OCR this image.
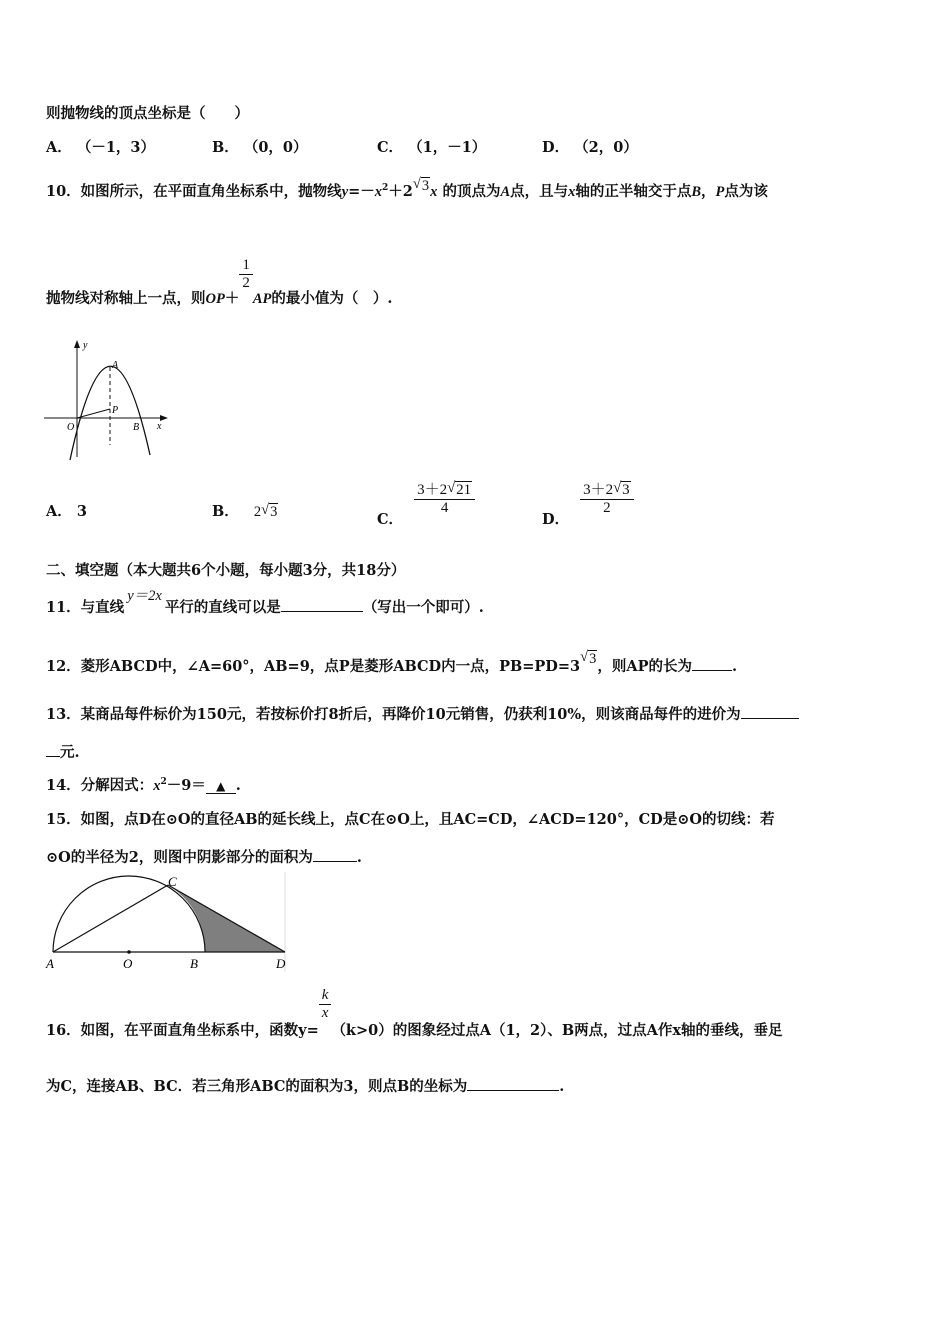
则抛物线的顶点坐标是（　　）
A． （－1，3）	B． （0，0）	C． （1，－1）	D． （2，0）
10．如图所示，在平面直角坐标系中，抛物线$y=-x^2+2$ √ 3x 的顶点为A点，且与x轴的正半轴交于点B，P点为该
抛物线对称轴上一点，则OP＋
$\frac{1}{2}$
AP的最小值为（　）.
y
A
P
O	B x
A． 3	B． 2 √ 3	C．
$\frac{3+2 √ 21}{4}$
D．
$\frac{3+2 √ 3}{2}$
二、填空题（本大题共6个小题，每小题3分，共18分）
11．与直线y＝2x平行的直线可以是	（写出一个即可）.
12．菱形ABCD中，∠A=60°，AB=9，点P是菱形ABCD内一点，PB=PD=3
√ 3，则AP的长为	.
13．某商品每件标价为150元，若按标价打8折后，再降价10元销售，仍获利10%，则该商品每件的进价为
元.
14．分解因式：$x^2-9=$ ▲ .
15．如图，点D在⊙O的直径AB的延长线上，点C在⊙O上，且AC=CD，∠ACD=120°，CD是⊙O的切线：若
⊙O的半径为2，则图中阴影部分的面积为	.
A	O	B
C
D
16．如图，在平面直角坐标系中，函数y=
$\frac{k}{x}$
（k>0）的图象经过点A（1，2）、B两点，过点A作x轴的垂线，垂足
为C，连接AB、BC．若三角形ABC的面积为3，则点B的坐标为	.
